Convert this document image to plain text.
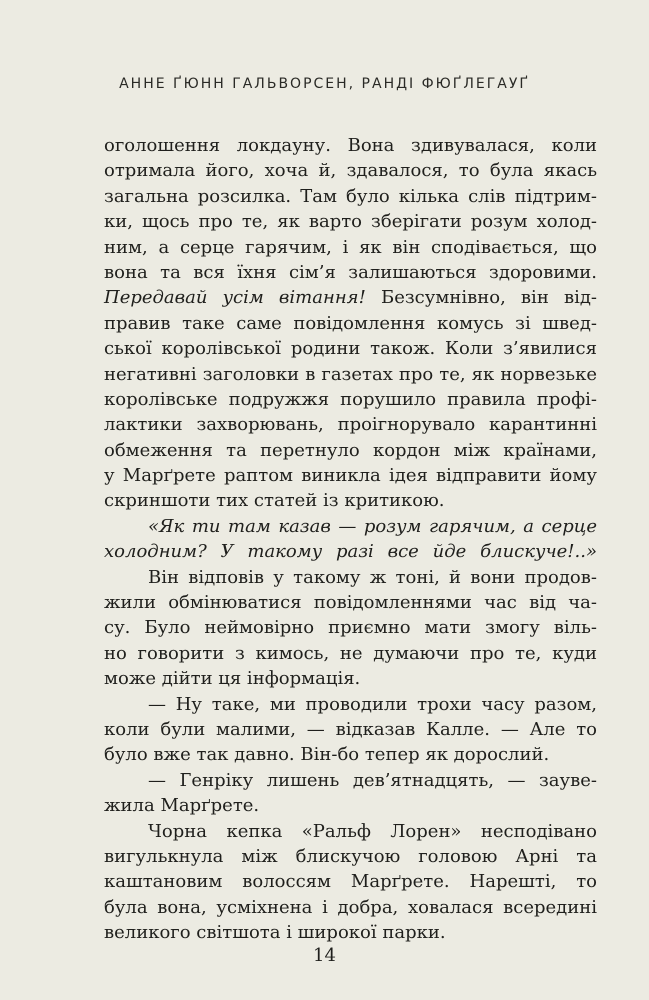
АННЕ ҐЮНН ГАЛЬВОРСЕН, РАНДІ ФЮҐЛЕГАУҐ
оголошення локдауну. Вона здивувалася, коли
отримала його, хоча й, здавалося, то була якась
загальна розсилка. Там було кілька слів підтрим-
ки, щось про те, як варто зберігати розум холод-
ним, а серце гарячим, і як він сподівається, що
вона та вся їхня сім’я залишаються здоровими.
Передавай усім вітання! Безсумнівно, він від-
правив таке саме повідомлення комусь зі швед-
ської королівської родини також. Коли з’явилися
негативні заголовки в газетах про те, як норвезьке
королівське подружжя порушило правила профі-
лактики захворювань, проігнорувало карантинні
обмеження та перетнуло кордон між країнами,
у Марґрете раптом виникла ідея відправити йому
скриншоти тих статей із критикою.
«Як ти там казав — розум гарячим, а серце
холодним? У такому разі все йде блискуче!..»
Він відповів у такому ж тоні, й вони продов-
жили обмінюватися повідомленнями час від ча-
су. Було неймовірно приємно мати змогу віль-
но говорити з кимось, не думаючи про те, куди
може дійти ця інформація.
— Ну таке, ми проводили трохи часу разом,
коли були малими, — відказав Калле. — Але то
було вже так давно. Він-бо тепер як дорослий.
— Генріку лишень дев’ятнадцять, — зауве-
жила Марґрете.
Чорна кепка «Ральф Лорен» несподівано
вигулькнула між блискучою головою Арні та
каштановим волоссям Марґрете. Нарешті, то
була вона, усміхнена і добра, ховалася всередині
великого світшота і широкої парки.
14
